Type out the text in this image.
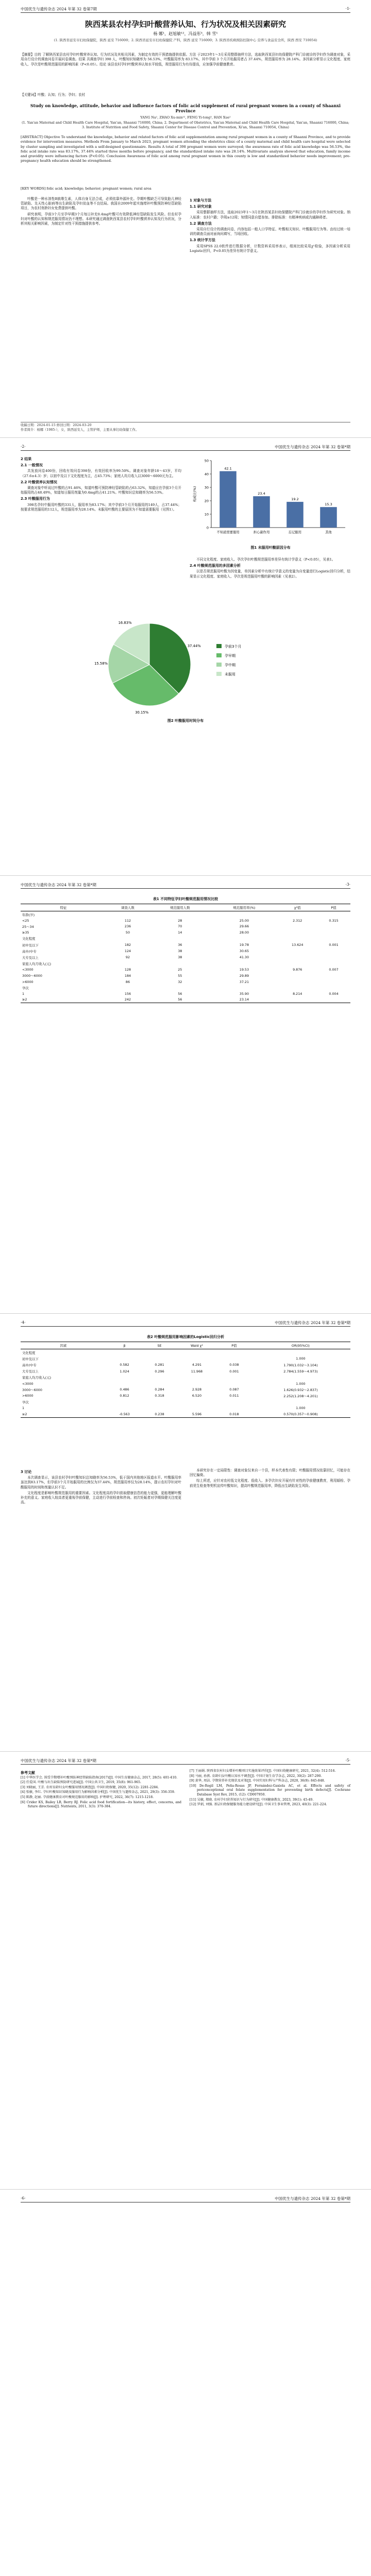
中国优生与遗传杂志 2024 年第 32 卷第7期	·1·
陕西某县农村孕妇叶酸营养认知、行为状况及相关因素研究
杨 娜¹，赵旭敏¹²，冯益彤³，韩 雪¹
(1. 陕西省延安市妇幼保健院，陕西 延安 716000；2. 陕西省延安市妇幼保健院 产科，陕西 延安 716000；3. 陕西省疾病预防控制中心 营养与食品安全所，陕西 西安 710054)
【摘要】目的 了解陕西某县农村孕妇叶酸营养认知、行为状况及其相关因素，为制定有效的干预措施提供依据。方法 于2023年1～3月采用整群抽样方法，选取陕西某县妇幼保健院产科门诊就诊的孕妇作为调查对象，采用自行设计的调查问卷开展问卷调查。结果 共调查孕妇 398 人，叶酸知识知晓率为 56.53%，叶酸服用率为 83.17%，其中孕前 3 个月开始服用者占 37.44%，规范服用率为 28.14%。多因素分析显示文化程度、家庭收入、孕次是叶酸规范服用的影响因素（P<0.05）。结论 该县农村孕妇叶酸营养认知水平较低，规范服用行为有待提高，应加强孕前健康教育。
【关键词】叶酸；认知；行为；孕妇；农村
Study on knowledge, attitude, behavior and influence factors of folic acid supplement of rural pregnant women in a county of Shaanxi Province
YANG Na¹, ZHAO Xu-min¹², FENG Yi-tong³, HAN Xue¹
(1. Yan'an Maternal and Child Health Care Hospital, Yan'an, Shaanxi 716000, China; 2. Department of Obstetrics, Yan'an Maternal and Child Health Care Hospital, Yan'an, Shaanxi 716000, China; 3. Institute of Nutrition and Food Safety, Shaanxi Center for Disease Control and Prevention, Xi'an, Shaanxi 710054, China)
[ABSTRACT] Objective To understand the knowledge, behavior and related factors of folic acid supplementation among rural pregnant women in a county of Shaanxi Province, and to provide evidence for intervention measures. Methods From January to March 2023, pregnant women attending the obstetrics clinic of a county maternal and child health care hospital were selected by cluster sampling and investigated with a self-designed questionnaire. Results A total of 398 pregnant women were surveyed; the awareness rate of folic acid knowledge was 56.53%, the folic acid intake rate was 83.17%, 37.44% started three months before pregnancy, and the standardized intake rate was 28.14%. Multivariate analysis showed that education, family income and gravidity were influencing factors (P<0.05). Conclusion Awareness of folic acid among rural pregnant women in this county is low and standardized behavior needs improvement; pre-pregnancy health education should be strengthened.
[KEY WORDS] folic acid; knowledge; behavior; pregnant women; rural area

叶酸是一种水溶性B族维生素，人体自身无法合成，必须依靠外源补充。孕期叶酸缺乏可导致胎儿神经管缺陷、先天性心脏病等出生缺陷及孕妇贫血等不良结局。我国自2009年起实施增补叶酸预防神经管缺陷项目，为农村育龄妇女免费提供叶酸。

研究表明，孕前3个月至孕早期3个月每日补充0.4mg叶酸可有效降低神经管缺陷发生风险。但农村孕妇对叶酸的认知和规范服用情况仍不理想。本研究通过调查陕西某县农村孕妇叶酸营养认知及行为状况，分析其相关影响因素，为制定针对性干预措施提供参考。

1 对象与方法
1.1 研究对象

采用整群抽样方法，选取2023年1～3月在陕西某县妇幼保健院产科门诊就诊的孕妇作为研究对象。纳入标准：农村户籍；孕周≥12周；知情同意自愿参加。排除标准：有精神疾病或沟通障碍者。

1.2 调查方法

采用自行设计的调查问卷，内容包括一般人口学特征、叶酸相关知识、叶酸服用行为等。由经过统一培训的调查员面对面询问填写，当场回收。

1.3 统计学方法

采用SPSS 22.0软件进行数据分析，计数资料采用率表示，组间比较采用χ²检验，多因素分析采用Logistic回归，P<0.05为差异有统计学意义。

收稿日期：2024-01-15 修回日期：2024-03-20
作者简介：杨娜（1985-），女，陕西延安人，主管护师，主要从事妇幼保健工作。
·2·	中国优生与遗传杂志 2024 年第 32 卷第*期
2 结果
2.1 一般情况

共发放问卷400份，回收有效问卷398份，有效回收率为99.50%。调查对象年龄18～43岁，平均（27.6±4.3）岁；以初中及以下文化程度为主，占45.73%；家庭人均月收入以3000～6000元为主。

2.2 叶酸营养认知情况

调查对象中听说过叶酸的占91.46%，知道叶酸可预防神经管缺陷的占63.32%，知道应在孕前3个月开始服用的占48.49%，知道每日服用剂量为0.4mg的占41.21%。叶酸知识总知晓率为56.53%。

2.3 叶酸服用行为

398名孕妇中服用叶酸的331人，服用率为83.17%；其中孕前3个月开始服用的149人，占37.44%；按要求规范服用的112人，规范服用率为28.14%。未服用叶酸的主要原因为不知道需要服用（见图1）。

0
10
20
30
40
50
构成比(%)
42.1
不知道需要服用
23.4
担心副作用
19.2
忘记服用
15.3
其他
图1 未服用叶酸原因分布

不同文化程度、家庭收入、孕次孕妇叶酸规范服用率差异有统计学意义（P<0.05），见表1。

2.4 叶酸规范服用的多因素分析

以是否规范服用叶酸为因变量，单因素分析中有统计学意义的变量为自变量进行Logistic回归分析，结果显示文化程度、家庭收入、孕次是规范服用叶酸的影响因素（见表2）。

37.44%
30.15%
15.58%
16.83%
孕前3个月
孕早期
孕中期
未服用
图2 叶酸服用时间分布
中国优生与遗传杂志 2024 年第 32 卷第*期	·3·
表1 不同特征孕妇叶酸规范服用情况比较
特征	调查人数	规范服用人数	规范服用率(%)	χ²值	P值
年龄(岁)					
<25	112	28	25.00	2.312	0.315
25～34	236	70	29.66		
≥35	50	14	28.00		
文化程度					
初中及以下	182	36	19.78	13.624	0.001
高中/中专	124	38	30.65		
大专及以上	92	38	41.30		
家庭人均月收入(元)					
<3000	128	25	19.53	9.876	0.007
3000～6000	184	55	29.89		
>6000	86	32	37.21		
孕次					
1	156	56	35.90	8.214	0.004
≥2	242	56	23.14		
·4·	中国优生与遗传杂志 2024 年第 32 卷第*期
表2 叶酸规范服用影响因素的Logistic回归分析
因素	β	SE	Wald χ²	P值	OR(95%CI)
文化程度					
初中及以下					1.000
高中/中专	0.582	0.281	4.291	0.038	1.790(1.032～3.104)
大专及以上	1.024	0.296	11.968	0.001	2.784(1.559～4.973)
家庭人均月收入(元)					
<3000					1.000
3000～6000	0.486	0.284	2.928	0.087	1.626(0.932～2.837)
>6000	0.812	0.318	6.520	0.011	2.252(1.208～4.201)
孕次					
1					1.000
≥2	-0.563	0.238	5.596	0.018	0.570(0.357～0.908)
3 讨论

本次调查显示，该县农村孕妇叶酸知识总知晓率为56.53%，低于国内其他地区报道水平。叶酸服用率虽达到83.17%，但孕前3个月开始服用的比例仅为37.44%，规范服用率仅为28.14%，提示农村孕妇对叶酸服用的时间和剂量认识不足。

文化程度是影响叶酸规范服用的重要因素。文化程度高的孕妇获取健康信息的能力更强，更能理解叶酸补充的意义。家庭收入较高者更重视孕前保健，主动进行孕前检查和咨询。初次妊娠者对孕期保健关注度更高。

本研究存在一定局限性：调查对象仅来自一个县，样本代表性有限；叶酸服用情况依靠回忆，可能存在回忆偏倚。

综上所述，应针对农村低文化程度、低收入、多孕次妇女开展有针对性的孕前健康教育，利用婚检、孕前优生检查等契机宣传叶酸知识，提高叶酸规范服用率，降低出生缺陷发生风险。

中国优生与遗传杂志 2024 年第 32 卷第*期	·5·
参考文献
[1] 中华医学会. 围受孕期增补叶酸预防神经管缺陷指南(2017)[J]. 中国生育健康杂志, 2017, 28(5): 401-410.
[2] 任爱国. 叶酸与出生缺陷预防研究进展[J]. 中国公共卫生, 2019, 35(8): 961-965.
[3] 刘晓丽, 王芳. 农村育龄妇女叶酸服用情况调查[J]. 中国妇幼保健, 2020, 35(12): 2281-2284.
[4] 张敏, 李红. 孕妇叶酸知识知晓及服用行为影响因素分析[J]. 中国优生与遗传杂志, 2021, 29(3): 356-359.
[5] 陈静, 赵丽. 孕前健康教育对叶酸规范服用的影响[J]. 护理研究, 2022, 36(7): 1215-1218.
[6] Crider KS, Bailey LB, Berry RJ. Folic acid food fortification—its history, effect, concerns, and future directions[J]. Nutrients, 2011, 3(3): 370-384.
[7] 王丽娟. 陕西省农村妇女增补叶酸项目实施效果评价[J]. 中国妇幼健康研究, 2021, 32(4): 512-516.
[8] 马丽, 孙燕. 育龄妇女叶酸认知水平调查[J]. 中国计划生育学杂志, 2022, 30(2): 287-290.
[9] 黄华, 周洁. 孕期营养补充现状及对策[J]. 中国实用妇科与产科杂志, 2020, 36(9): 845-848.
[10] De-Regil LM, Peña-Rosas JP, Fernández-Gaxiola AC, et al. Effects and safety of periconceptional oral folate supplementation for preventing birth defects[J]. Cochrane Database Syst Rev, 2015, (12): CD007950.
[11] 吴敏, 郑晓. 农村孕妇营养知识与行为研究[J]. 中国健康教育, 2023, 39(1): 45-49.
[12] 罗娟, 刘强. 基层妇幼保健服务能力建设研究[J]. 中国卫生事业管理, 2023, 40(3): 221-224.
·6·	中国优生与遗传杂志 2024 年第 32 卷第*期
